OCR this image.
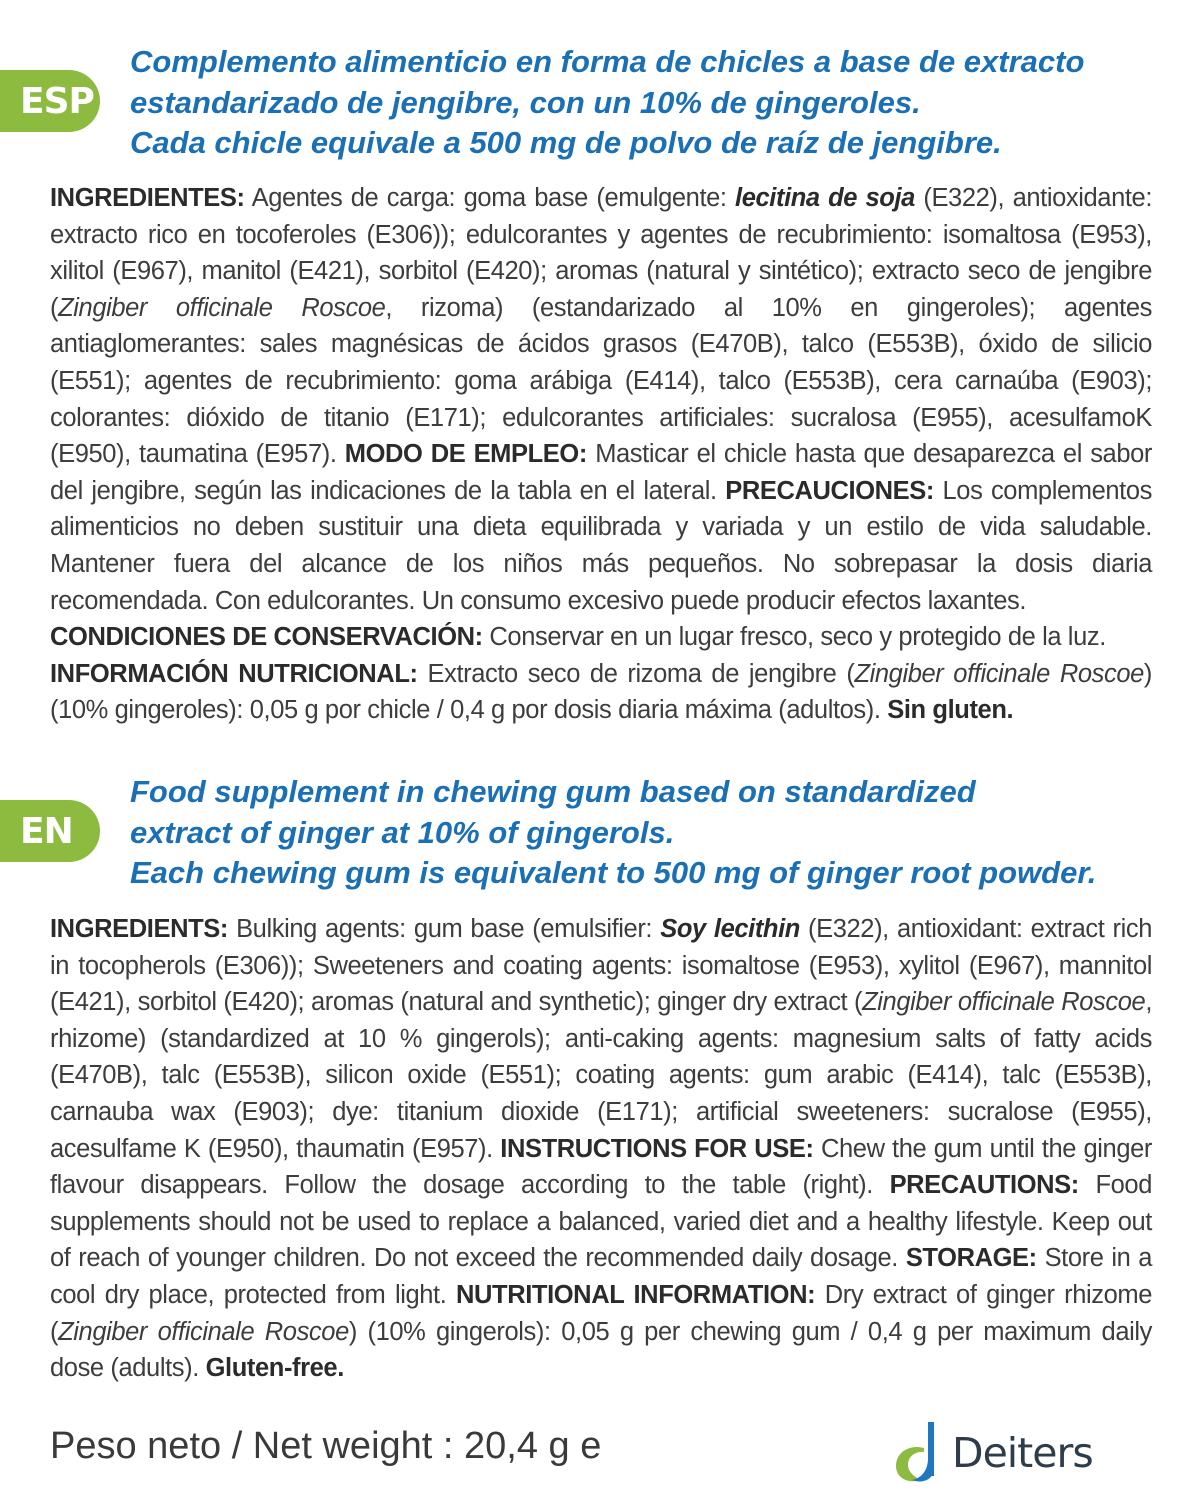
ESP
Complemento alimenticio en forma de chicles a base de extracto
estandarizado de jengibre, con un 10% de gingeroles.
Cada chicle equivale a 500 mg de polvo de raíz de jengibre.
INGREDIENTES: Agentes de carga: goma base (emulgente: lecitina de soja (E322), antioxidante: extracto rico en tocoferoles (E306)); edulcorantes y agentes de recubrimiento: isomaltosa (E953), xilitol (E967), manitol (E421), sorbitol (E420); aromas (natural y sintético); extracto seco de jengibre (Zingiber officinale Roscoe, rizoma) (estandarizado al 10% en gingeroles); agentes antiaglomerantes: sales magnésicas de ácidos grasos (E470B), talco (E553B), óxido de silicio (E551); agentes de recubrimiento: goma arábiga (E414), talco (E553B), cera carnaúba (E903); colorantes: dióxido de titanio (E171); edulcorantes artificiales: sucralosa (E955), acesulfamoK (E950), taumatina (E957). MODO DE EMPLEO: Masticar el chicle hasta que desaparezca el sabor del jengibre, según las indicaciones de la tabla en el lateral. PRECAUCIONES: Los complementos alimenticios no deben sustituir una dieta equilibrada y variada y un estilo de vida saludable. Mantener fuera del alcance de los niños más pequeños. No sobrepasar la dosis diaria recomendada. Con edulcorantes. Un consumo excesivo puede producir efectos laxantes.
CONDICIONES DE CONSERVACIÓN: Conservar en un lugar fresco, seco y protegido de la luz.
INFORMACIÓN NUTRICIONAL: Extracto seco de rizoma de jengibre (Zingiber officinale Roscoe) (10% gingeroles): 0,05 g por chicle / 0,4 g por dosis diaria máxima (adultos). Sin gluten.
EN
Food supplement in chewing gum based on standardized
extract of ginger at 10% of gingerols.
Each chewing gum is equivalent to 500 mg of ginger root powder.
INGREDIENTS: Bulking agents: gum base (emulsifier: Soy lecithin (E322), antioxidant: extract rich in tocopherols (E306)); Sweeteners and coating agents: isomaltose (E953), xylitol (E967), mannitol (E421), sorbitol (E420); aromas (natural and synthetic); ginger dry extract (Zingiber officinale Roscoe, rhizome) (standardized at 10 % gingerols); anti-caking agents: magnesium salts of fatty acids (E470B), talc (E553B), silicon oxide (E551); coating agents: gum arabic (E414), talc (E553B), carnauba wax (E903); dye: titanium dioxide (E171); artificial sweeteners: sucralose (E955), acesulfame K (E950), thaumatin (E957). INSTRUCTIONS FOR USE: Chew the gum until the ginger flavour disappears. Follow the dosage according to the table (right). PRECAUTIONS: Food supplements should not be used to replace a balanced, varied diet and a healthy lifestyle. Keep out of reach of younger children. Do not exceed the recommended daily dosage. STORAGE: Store in a cool dry place, protected from light. NUTRITIONAL INFORMATION: Dry extract of ginger rhizome (Zingiber officinale Roscoe) (10% gingerols): 0,05 g per chewing gum / 0,4 g per maximum daily dose (adults). Gluten-free.
Peso neto / Net weight : 20,4 g e	Deiters
